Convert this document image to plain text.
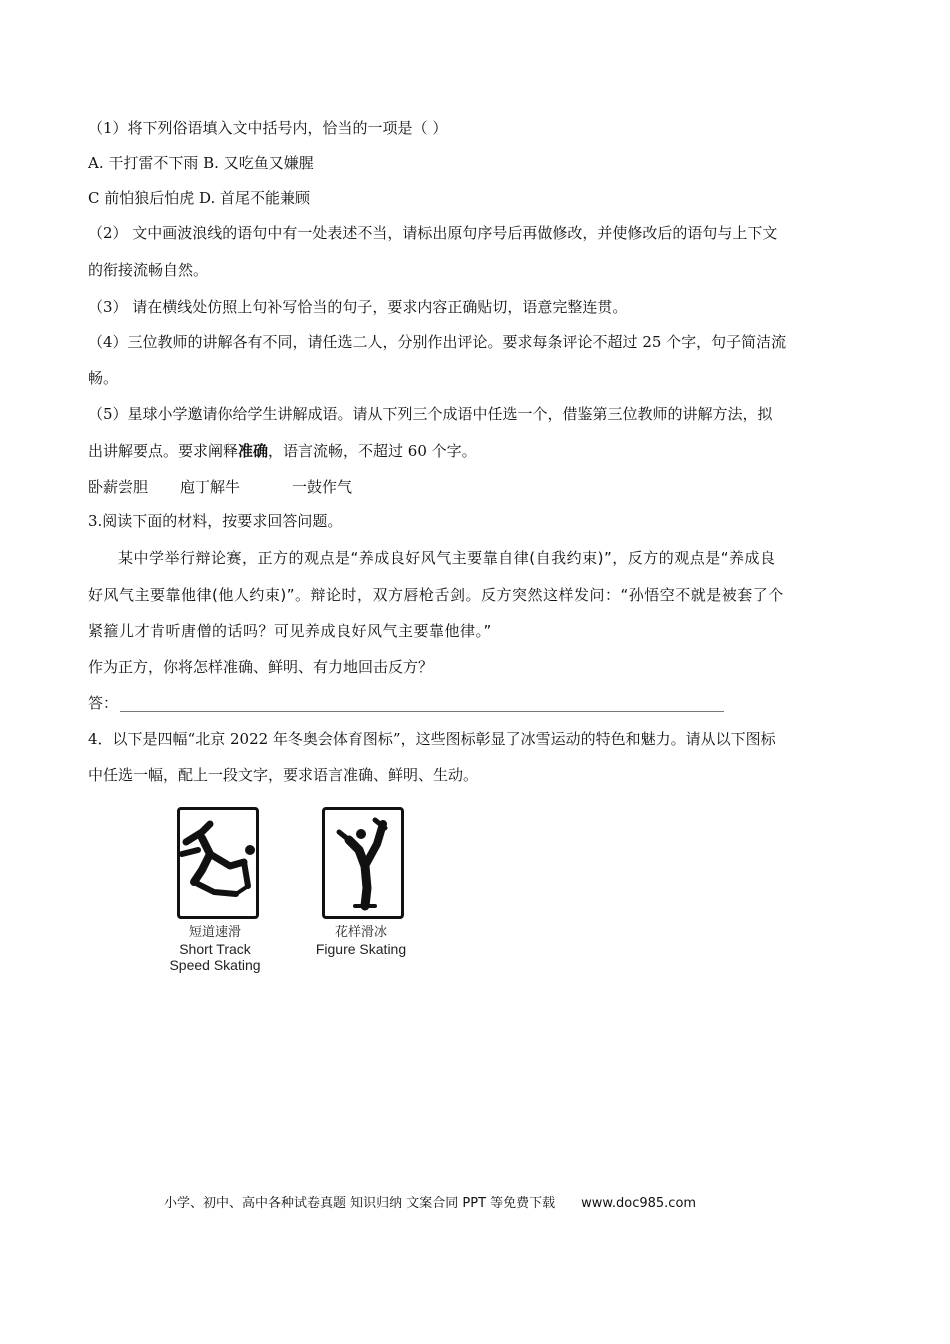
（1）将下列俗语填入文中括号内，恰当的一项是（ ）
A. 干打雷不下雨 B. 又吃鱼又嫌腥
C 前怕狼后怕虎 D. 首尾不能兼顾
（2） 文中画波浪线的语句中有一处表述不当，请标出原句序号后再做修改，并使修改后的语句与上下文
的衔接流畅自然。
（3） 请在横线处仿照上句补写恰当的句子，要求内容正确贴切，语意完整连贯。
（4）三位教师的讲解各有不同，请任选二人，分别作出评论。要求每条评论不超过 25 个字，句子简洁流
畅。
（5）星球小学邀请你给学生讲解成语。请从下列三个成语中任选一个，借鉴第三位教师的讲解方法，拟
出讲解要点。要求阐释准确，语言流畅，不超过 60 个字。
卧薪尝胆 庖丁解牛	一鼓作气
3.阅读下面的材料，按要求回答问题。
某中学举行辩论赛，正方的观点是“养成良好风气主要靠自律(自我约束)”，反方的观点是“养成良
好风气主要靠他律(他人约束)”。辩论时，双方唇枪舌剑。反方突然这样发问：“孙悟空不就是被套了个
紧箍儿才肯听唐僧的话吗？可见养成良好风气主要靠他律。”
作为正方，你将怎样准确、鲜明、有力地回击反方？
答：
4．以下是四幅“北京 2022 年冬奥会体育图标”，这些图标彰显了冰雪运动的特色和魅力。请从以下图标
中任选一幅，配上一段文字，要求语言准确、鲜明、生动。
短道速滑
Short Track
Speed Skating
花样滑冰
Figure Skating
小学、初中、高中各种试卷真题 知识归纳 文案合同 PPT 等免费下载 www.doc985.com
